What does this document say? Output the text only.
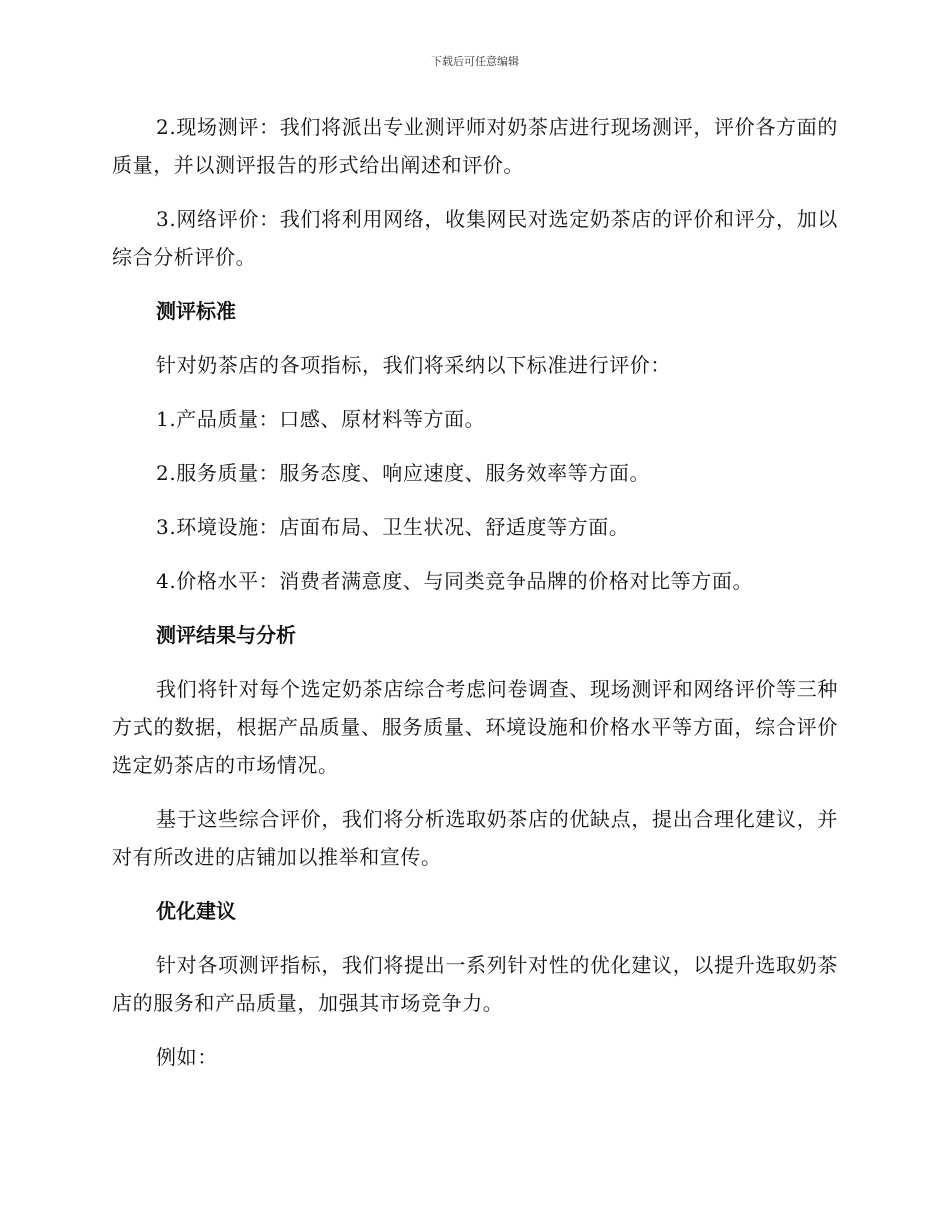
下载后可任意编辑

2.现场测评：我们将派出专业测评师对奶茶店进行现场测评，评价各方面的质量，并以测评报告的形式给出阐述和评价。

3.网络评价：我们将利用网络，收集网民对选定奶茶店的评价和评分，加以综合分析评价。

测评标准

针对奶茶店的各项指标，我们将采纳以下标准进行评价：

1.产品质量：口感、原材料等方面。

2.服务质量：服务态度、响应速度、服务效率等方面。

3.环境设施：店面布局、卫生状况、舒适度等方面。

4.价格水平：消费者满意度、与同类竞争品牌的价格对比等方面。

测评结果与分析

我们将针对每个选定奶茶店综合考虑问卷调查、现场测评和网络评价等三种方式的数据，根据产品质量、服务质量、环境设施和价格水平等方面，综合评价选定奶茶店的市场情况。

基于这些综合评价，我们将分析选取奶茶店的优缺点，提出合理化建议，并对有所改进的店铺加以推举和宣传。

优化建议

针对各项测评指标，我们将提出一系列针对性的优化建议，以提升选取奶茶店的服务和产品质量，加强其市场竞争力。

例如：
